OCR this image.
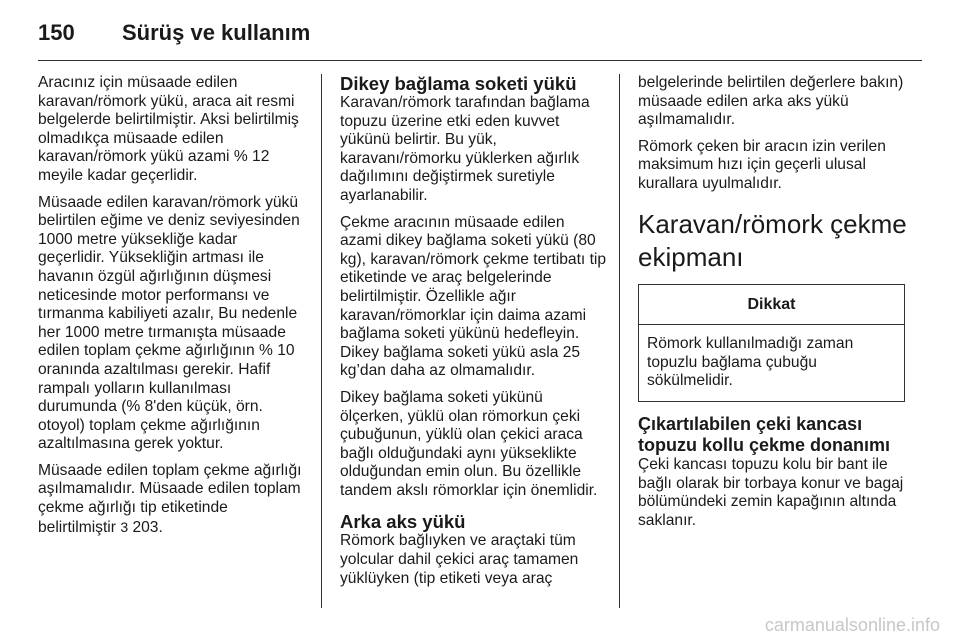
150 Sürüş ve kullanım

Aracınız için müsaade edilen karavan/römork yükü, araca ait resmi belgelerde belirtilmiştir. Aksi belirtilmiş olmadıkça müsaade edilen karavan/römork yükü azami % 12 meyile kadar geçerlidir.

Müsaade edilen karavan/römork yükü belirtilen eğime ve deniz seviyesinden 1000 metre yüksekliğe kadar geçerlidir. Yüksekliğin artması ile havanın özgül ağırlığının düşmesi neticesinde motor performansı ve tırmanma kabiliyeti azalır, Bu nedenle her 1000 metre tırmanışta müsaade edilen toplam çekme ağırlığının % 10 oranında azaltılması gerekir. Hafif rampalı yolların kullanılması durumunda (% 8'den küçük, örn. otoyol) toplam çekme ağırlığının azaltılmasına gerek yoktur.

Müsaade edilen toplam çekme ağırlığı aşılmamalıdır. Müsaade edilen toplam çekme ağırlığı tip etiketinde belirtilmiştir 3 203.

Dikey bağlama soketi yükü

Karavan/römork tarafından bağlama topuzu üzerine etki eden kuvvet yükünü belirtir. Bu yük, karavanı/römorku yüklerken ağırlık dağılımını değiştirmek suretiyle ayarlanabilir.

Çekme aracının müsaade edilen azami dikey bağlama soketi yükü (80 kg), karavan/römork çekme tertibatı tip etiketinde ve araç belgelerinde belirtilmiştir. Özellikle ağır karavan/römorklar için daima azami bağlama soketi yükünü hedefleyin. Dikey bağlama soketi yükü asla 25 kg’dan daha az olmamalıdır.

Dikey bağlama soketi yükünü ölçerken, yüklü olan römorkun çeki çubuğunun, yüklü olan çekici araca bağlı olduğundaki aynı yükseklikte olduğundan emin olun. Bu özellikle tandem akslı römorklar için önemlidir.

Arka aks yükü

Römork bağlıyken ve araçtaki tüm yolcular dahil çekici araç tamamen yüklüyken (tip etiketi veya araç

belgelerinde belirtilen değerlere bakın) müsaade edilen arka aks yükü aşılmamalıdır.

Römork çeken bir aracın izin verilen maksimum hızı için geçerli ulusal kurallara uyulmalıdır.

Karavan/römork çekme ekipmanı
Dikkat
Römork kullanılmadığı zaman topuzlu bağlama çubuğu sökülmelidir.
Çıkartılabilen çeki kancası topuzu kollu çekme donanımı

Çeki kancası topuzu kolu bir bant ile bağlı olarak bir torbaya konur ve bagaj bölümündeki zemin kapağının altında saklanır.

carmanualsonline.info
